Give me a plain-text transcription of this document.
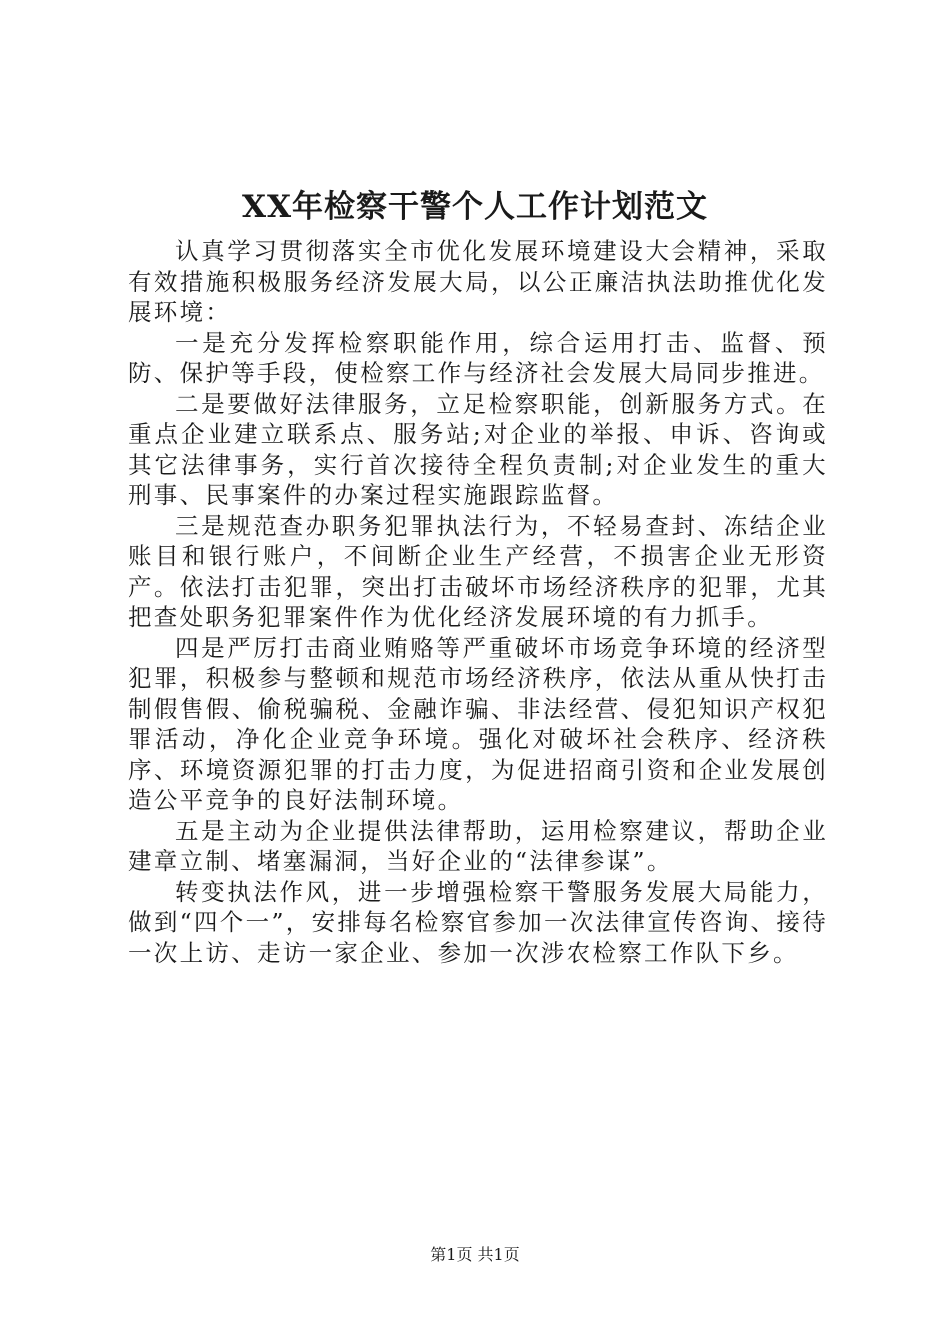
XX年检察干警个人工作计划范文

认真学习贯彻落实全市优化发展环境建设大会精神，采取有效措施积极服务经济发展大局，以公正廉洁执法助推优化发展环境：

一是充分发挥检察职能作用，综合运用打击、监督、预防、保护等手段，使检察工作与经济社会发展大局同步推进。

二是要做好法律服务，立足检察职能，创新服务方式。在重点企业建立联系点、服务站;对企业的举报、申诉、咨询或其它法律事务，实行首次接待全程负责制;对企业发生的重大刑事、民事案件的办案过程实施跟踪监督。

三是规范查办职务犯罪执法行为，不轻易查封、冻结企业账目和银行账户，不间断企业生产经营，不损害企业无形资产。依法打击犯罪，突出打击破坏市场经济秩序的犯罪，尤其把查处职务犯罪案件作为优化经济发展环境的有力抓手。

四是严厉打击商业贿赂等严重破坏市场竞争环境的经济型犯罪，积极参与整顿和规范市场经济秩序，依法从重从快打击制假售假、偷税骗税、金融诈骗、非法经营、侵犯知识产权犯罪活动，净化企业竞争环境。强化对破坏社会秩序、经济秩序、环境资源犯罪的打击力度，为促进招商引资和企业发展创造公平竞争的良好法制环境。

五是主动为企业提供法律帮助，运用检察建议，帮助企业建章立制、堵塞漏洞，当好企业的“法律参谋”。

转变执法作风，进一步增强检察干警服务发展大局能力，做到“四个一”，安排每名检察官参加一次法律宣传咨询、接待一次上访、走访一家企业、参加一次涉农检察工作队下乡。

第1页 共1页
